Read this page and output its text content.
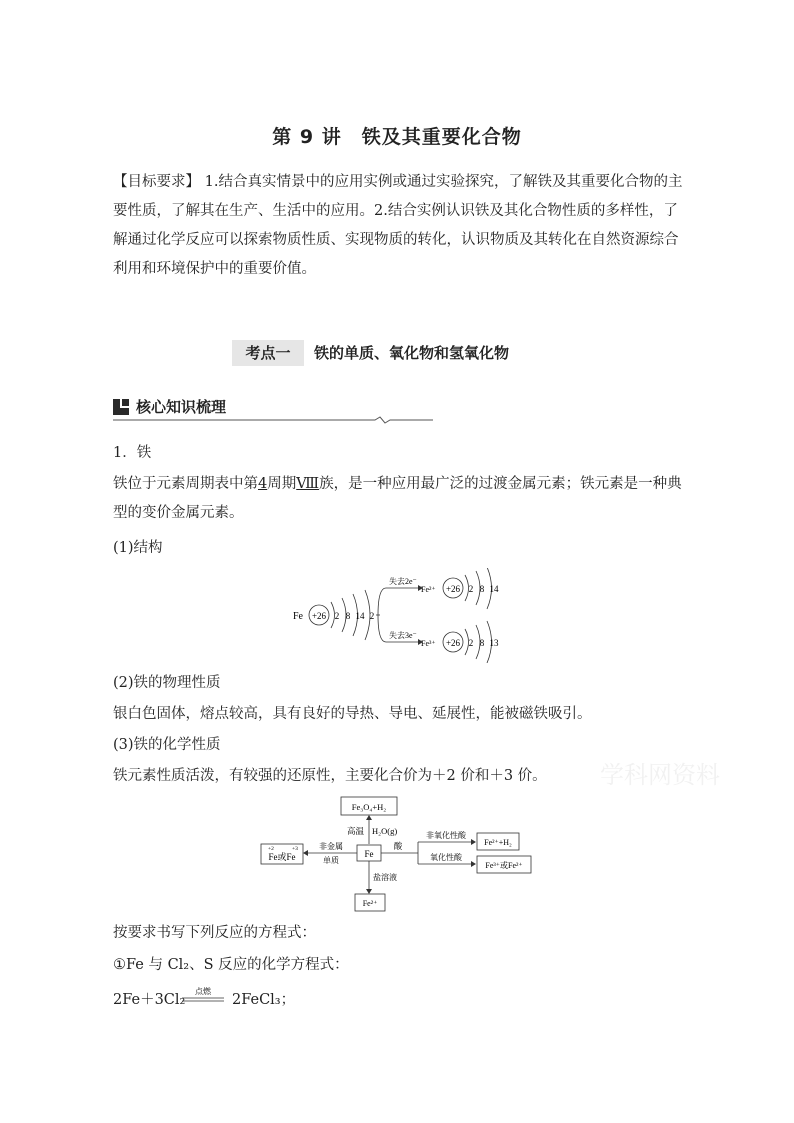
第 9 讲　铁及其重要化合物
【目标要求】 1.结合真实情景中的应用实例或通过实验探究，了解铁及其重要化合物的主要性质，了解其在生产、生活中的应用。2.结合实例认识铁及其化合物性质的多样性，了解通过化学反应可以探索物质性质、实现物质的转化，认识物质及其转化在自然资源综合利用和环境保护中的重要价值。
考点一	铁的单质、氧化物和氢氧化物
核心知识梳理
1．铁
铁位于元素周期表中第4周期Ⅷ族，是一种应用最广泛的过渡金属元素；铁元素是一种典型的变价金属元素。
(1)结构
Fe +26 2 8 14 2
失去2e⁻
失去3e⁻
Fe²⁺
Fe³⁺
+26 2 8 14
+26 2 8 13
(2)铁的物理性质
银白色固体，熔点较高，具有良好的导热、导电、延展性，能被磁铁吸引。
(3)铁的化学性质
铁元素性质活泼，有较强的还原性，主要化合价为＋2 价和＋3 价。 学科网资料
Fe₃O₄+H₂
高温 H₂O(g)
Fe
+2	+3
Fe或Fe
非金属
单质
酸
非氧化性酸
氧化性酸
Fe²⁺+H₂
Fe³⁺或Fe²⁺
盐溶液
Fe²⁺
按要求书写下列反应的方程式：
①Fe 与 Cl₂、S 反应的化学方程式：
2Fe＋3Cl₂
点燃
2FeCl₃；
